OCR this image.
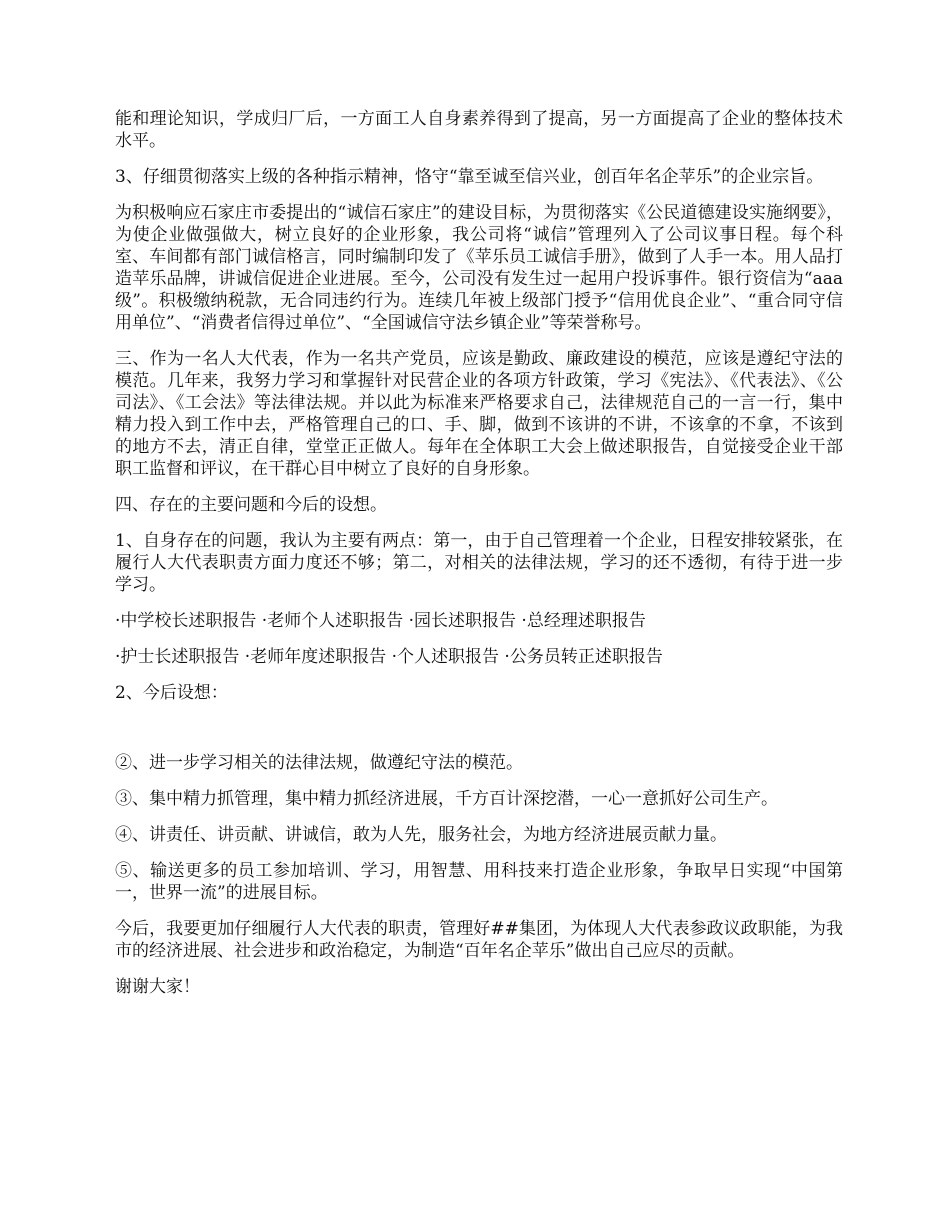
能和理论知识，学成归厂后，一方面工人自身素养得到了提高，另一方面提高了企业的整体技术水平。

3、仔细贯彻落实上级的各种指示精神，恪守“靠至诚至信兴业，创百年名企苹乐”的企业宗旨。

为积极响应石家庄市委提出的“诚信石家庄”的建设目标，为贯彻落实《公民道德建设实施纲要》，为使企业做强做大，树立良好的企业形象，我公司将“诚信”管理列入了公司议事日程。每个科室、车间都有部门诚信格言，同时编制印发了《苹乐员工诚信手册》，做到了人手一本。用人品打造苹乐品牌，讲诚信促进企业进展。至今，公司没有发生过一起用户投诉事件。银行资信为“aaa 级”。积极缴纳税款，无合同违约行为。连续几年被上级部门授予“信用优良企业”、“重合同守信用单位”、“消费者信得过单位”、“全国诚信守法乡镇企业”等荣誉称号。

三、作为一名人大代表，作为一名共产党员，应该是勤政、廉政建设的模范，应该是遵纪守法的模范。几年来，我努力学习和掌握针对民营企业的各项方针政策，学习《宪法》、《代表法》、《公司法》、《工会法》等法律法规。并以此为标准来严格要求自己，法律规范自己的一言一行，集中精力投入到工作中去，严格管理自己的口、手、脚，做到不该讲的不讲，不该拿的不拿，不该到的地方不去，清正自律，堂堂正正做人。每年在全体职工大会上做述职报告，自觉接受企业干部职工监督和评议，在干群心目中树立了良好的自身形象。

四、存在的主要问题和今后的设想。

1、自身存在的问题，我认为主要有两点：第一，由于自己管理着一个企业，日程安排较紧张，在履行人大代表职责方面力度还不够；第二，对相关的法律法规，学习的还不透彻，有待于进一步学习。

·中学校长述职报告 ·老师个人述职报告 ·园长述职报告 ·总经理述职报告

·护士长述职报告 ·老师年度述职报告 ·个人述职报告 ·公务员转正述职报告

2、今后设想：

②、进一步学习相关的法律法规，做遵纪守法的模范。

③、集中精力抓管理，集中精力抓经济进展，千方百计深挖潜，一心一意抓好公司生产。

④、讲责任、讲贡献、讲诚信，敢为人先，服务社会，为地方经济进展贡献力量。

⑤、输送更多的员工参加培训、学习，用智慧、用科技来打造企业形象，争取早日实现“中国第一，世界一流”的进展目标。

今后，我要更加仔细履行人大代表的职责，管理好##集团，为体现人大代表参政议政职能，为我市的经济进展、社会进步和政治稳定，为制造“百年名企苹乐”做出自己应尽的贡献。

谢谢大家！
